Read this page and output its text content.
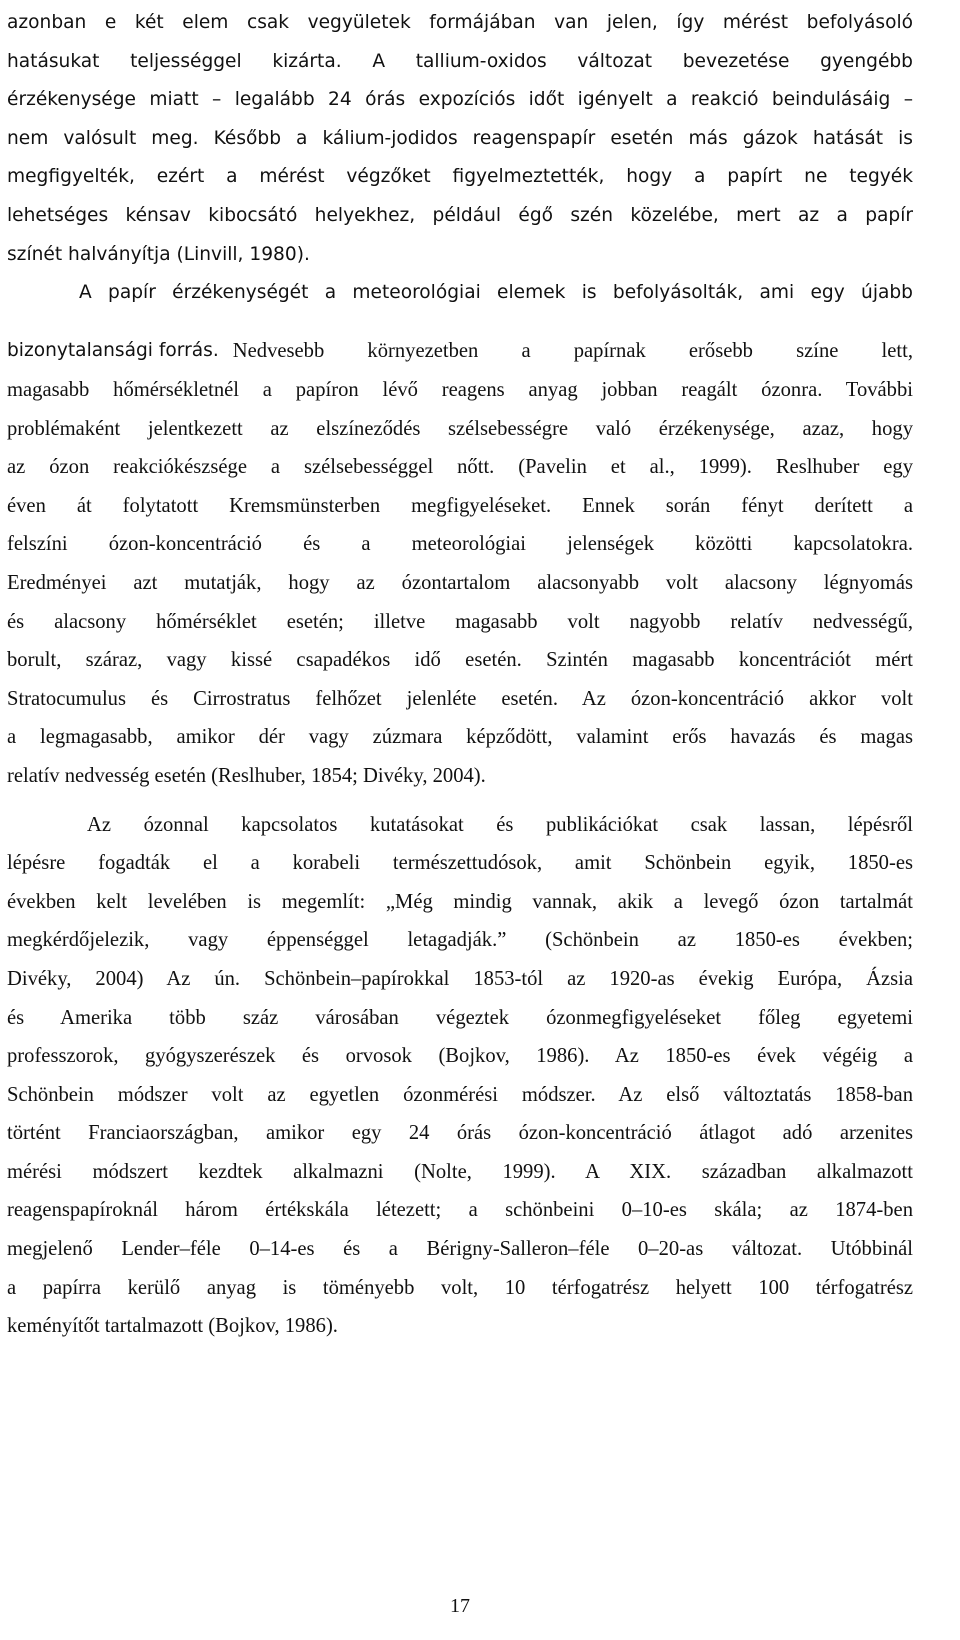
azonban e két elem csak vegyületek formájában van jelen, így mérést befolyásoló
hatásukat teljességgel kizárta. A tallium-oxidos változat bevezetése gyengébb
érzékenysége miatt – legalább 24 órás expozíciós időt igényelt a reakció beindulásáig –
nem valósult meg. Később a kálium-jodidos reagenspapír esetén más gázok hatását is
megfigyelték, ezért a mérést végzőket figyelmeztették, hogy a papírt ne tegyék
lehetséges kénsav kibocsátó helyekhez, például égő szén közelébe, mert az a papír
színét halványítja (Linvill, 1980).
A papír érzékenységét a meteorológiai elemek is befolyásolták, ami egy újabb
bizonytalansági forrás. Nedvesebb környezetben a papírnak erősebb színe lett,
magasabb hőmérsékletnél a papíron lévő reagens anyag jobban reagált ózonra. További
problémaként jelentkezett az elszíneződés szélsebességre való érzékenysége, azaz, hogy
az ózon reakciókészsége a szélsebességgel nőtt. (Pavelin et al., 1999). Reslhuber egy
éven át folytatott Kremsmünsterben megfigyeléseket. Ennek során fényt derített a
felszíni ózon-koncentráció és a meteorológiai jelenségek közötti kapcsolatokra.
Eredményei azt mutatják, hogy az ózontartalom alacsonyabb volt alacsony légnyomás
és alacsony hőmérséklet esetén; illetve magasabb volt nagyobb relatív nedvességű,
borult, száraz, vagy kissé csapadékos idő esetén. Szintén magasabb koncentrációt mért
Stratocumulus és Cirrostratus felhőzet jelenléte esetén. Az ózon-koncentráció akkor volt
a legmagasabb, amikor dér vagy zúzmara képződött, valamint erős havazás és magas
relatív nedvesség esetén (Reslhuber, 1854; Divéky, 2004).
Az ózonnal kapcsolatos kutatásokat és publikációkat csak lassan, lépésről
lépésre fogadták el a korabeli természettudósok, amit Schönbein egyik, 1850-es
években kelt levelében is megemlít: „Még mindig vannak, akik a levegő ózon tartalmát
megkérdőjelezik, vagy éppenséggel letagadják.” (Schönbein az 1850-es években;
Divéky, 2004) Az ún. Schönbein–papírokkal 1853-tól az 1920-as évekig Európa, Ázsia
és Amerika több száz városában végeztek ózonmegfigyeléseket főleg egyetemi
professzorok, gyógyszerészek és orvosok (Bojkov, 1986). Az 1850-es évek végéig a
Schönbein módszer volt az egyetlen ózonmérési módszer. Az első változtatás 1858-ban
történt Franciaországban, amikor egy 24 órás ózon-koncentráció átlagot adó arzenites
mérési módszert kezdtek alkalmazni (Nolte, 1999). A XIX. században alkalmazott
reagenspapíroknál három értékskála létezett; a schönbeini 0–10-es skála; az 1874-ben
megjelenő Lender–féle 0–14-es és a Bérigny-Salleron–féle 0–20-as változat. Utóbbinál
a papírra kerülő anyag is töményebb volt, 10 térfogatrész helyett 100 térfogatrész
keményítőt tartalmazott (Bojkov, 1986).
17
